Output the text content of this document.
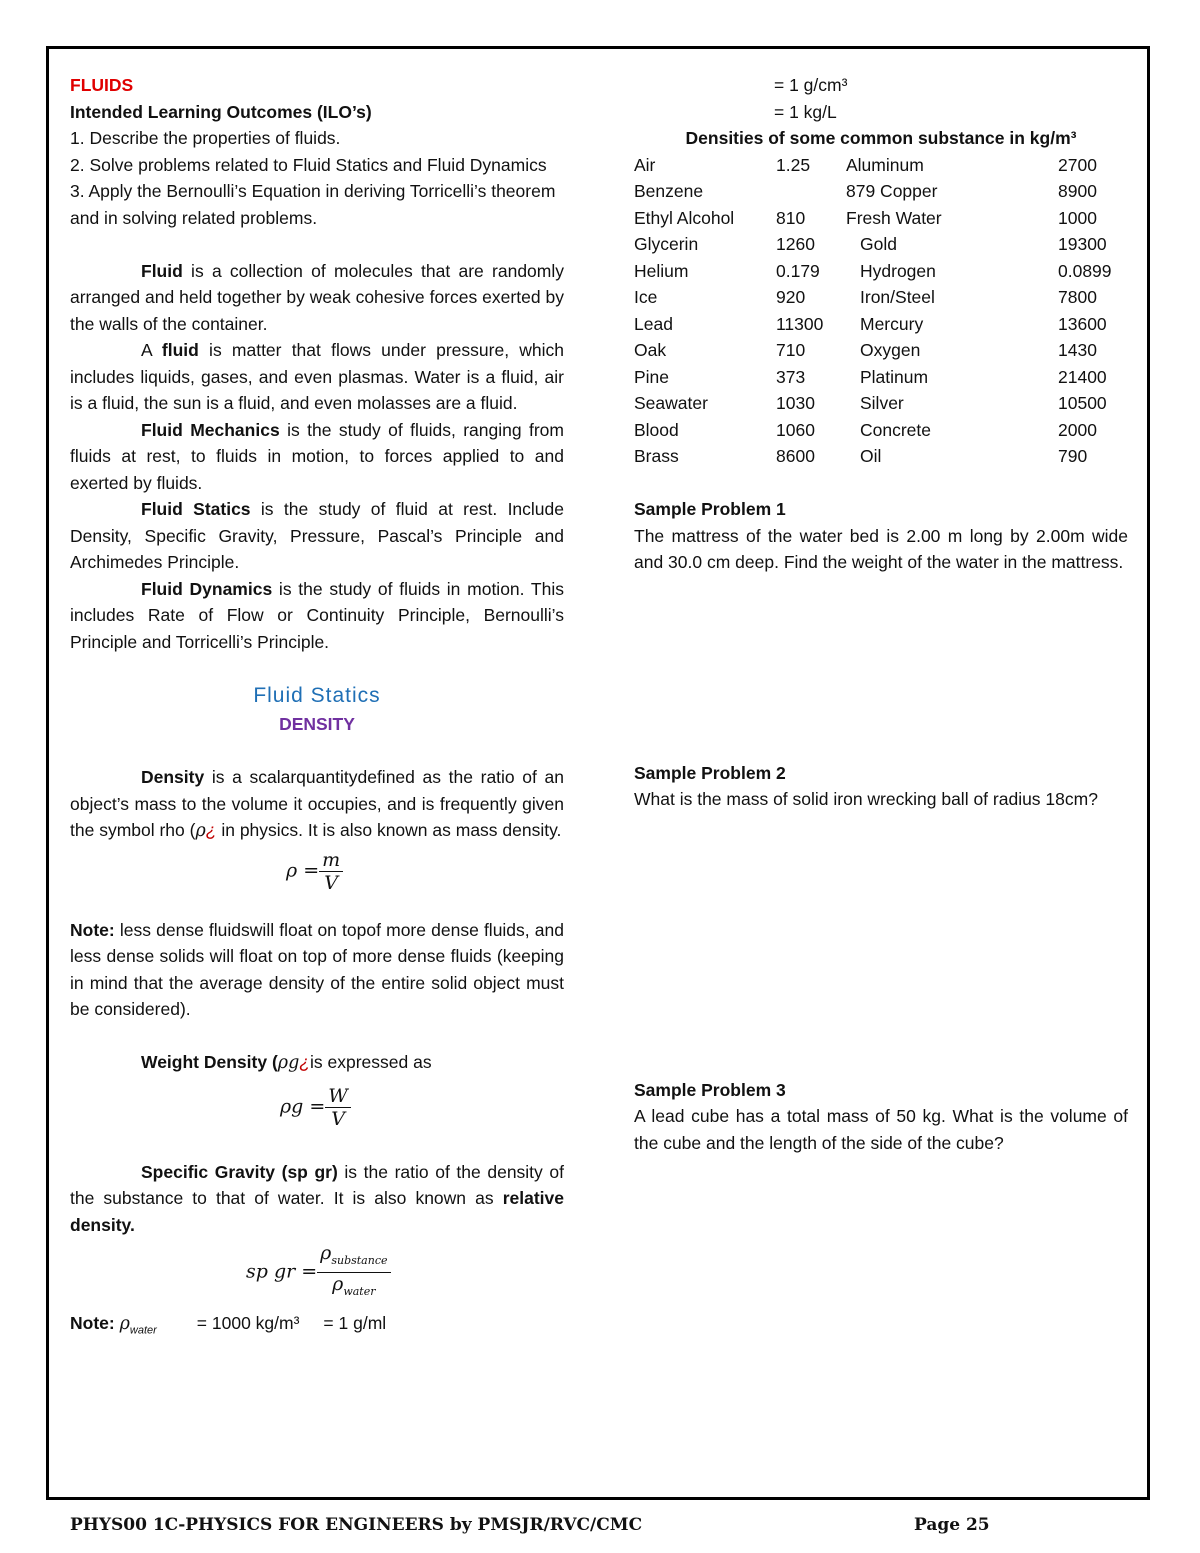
FLUIDS

Intended Learning Outcomes (ILO’s)

1. Describe the properties of fluids.

2. Solve problems related to Fluid Statics and Fluid Dynamics

3. Apply the Bernoulli’s Equation in deriving Torricelli’s theorem and in solving related problems.

Fluid is a collection of molecules that are randomly arranged and held together by weak cohesive forces exerted by the walls of the container.

A fluid is matter that flows under pressure, which includes liquids, gases, and even plasmas. Water is a fluid, air is a fluid, the sun is a fluid, and even molasses are a fluid.

Fluid Mechanics is the study of fluids, ranging from fluids at rest, to fluids in motion, to forces applied to and exerted by fluids.

Fluid Statics is the study of fluid at rest. Include Density, Specific Gravity, Pressure, Pascal’s Principle and Archimedes Principle.

Fluid Dynamics is the study of fluids in motion. This includes Rate of Flow or Continuity Principle, Bernoulli’s Principle and Torricelli’s Principle.

Fluid Statics

DENSITY

Density is a scalarquantitydefined as the ratio of an object’s mass to the volume it occupies, and is frequently given the symbol rho (ρ¿ in physics. It is also known as mass density.

$\rho = \frac{m}{V}$

Note: less dense fluidswill float on topof more dense fluids, and less dense solids will float on top of more dense fluids (keeping in mind that the average density of the entire solid object must be considered).

Weight Density (ρg¿is expressed as

$\rho g = \frac{W}{V}$

Specific Gravity (sp gr) is the ratio of the density of the substance to that of water. It is also known as relative density.

sp gr = $\frac{\rho_{substance}}{\rho_{water}}$

Note: $\rho_{water} = 1000$ kg/m³ = 1 g/ml

= 1 g/cm³

= 1 kg/L

Densities of some common substance in kg/m³

Air	1.25	Aluminum	2700
Benzene		879 Copper	8900
Ethyl Alcohol	810	Fresh Water	1000
Glycerin	1260	Gold	19300
Helium	0.179	Hydrogen	0.0899
Ice	920	Iron/Steel	7800
Lead	11300	Mercury	13600
Oak	710	Oxygen	1430
Pine	373	Platinum	21400
Seawater	1030	Silver	10500
Blood	1060	Concrete	2000
Brass	8600	Oil	790

Sample Problem 1

The mattress of the water bed is 2.00 m long by 2.00m wide and 30.0 cm deep. Find the weight of the water in the mattress.

Sample Problem 2

What is the mass of solid iron wrecking ball of radius 18cm?

Sample Problem 3

A lead cube has a total mass of 50 kg. What is the volume of the cube and the length of the side of the cube?

PHYS00 1C-PHYSICS FOR ENGINEERS by PMSJR/RVC/CMC	Page 25
